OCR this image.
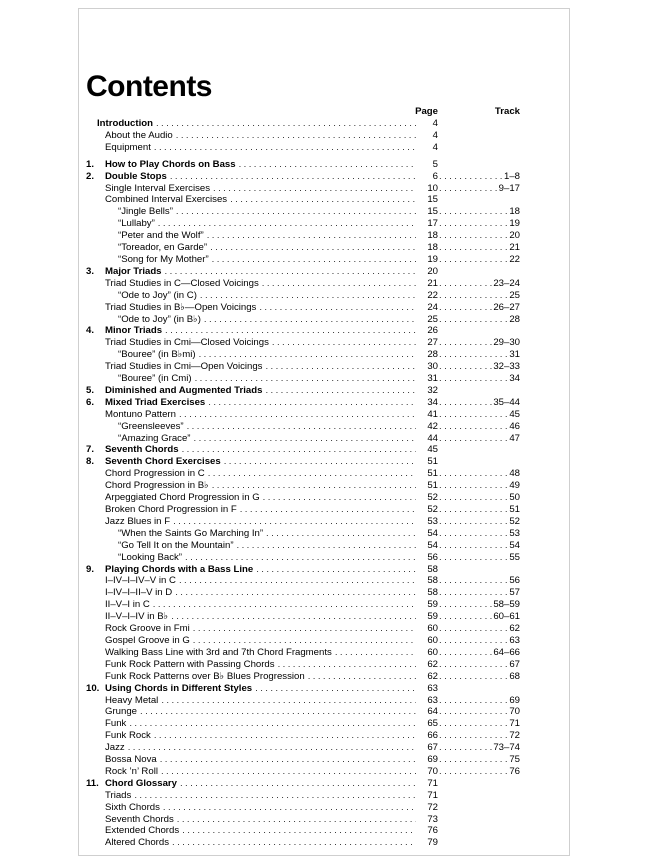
Contents
Page	Track
Introduction .....	4
About the Audio .....	4
Equipment .....	4
1.	How to Play Chords on Bass .....	5
2.	Double Stops .....	6 .....	1–8
Single Interval Exercises .....	10 .....	9–17
Combined Interval Exercises .....	15
“Jingle Bells” .....	15 .....	18
“Lullaby” .....	17 .....	19
“Peter and the Wolf” .....	18 .....	20
“Toreador, en Garde” .....	18 .....	21
“Song for My Mother” .....	19 .....	22
3.	Major Triads .....	20
Triad Studies in C—Closed Voicings .....	21 .....	23–24
“Ode to Joy” (in C) .....	22 .....	25
Triad Studies in B♭—Open Voicings .....	24 .....	26–27
“Ode to Joy” (in B♭) .....	25 .....	28
4.	Minor Triads .....	26
Triad Studies in Cmi—Closed Voicings .....	27 .....	29–30
“Bouree” (in B♭mi) .....	28 .....	31
Triad Studies in Cmi—Open Voicings .....	30 .....	32–33
“Bouree” (in Cmi) .....	31 .....	34
5.	Diminished and Augmented Triads .....	32
6.	Mixed Triad Exercises .....	34 .....	35–44
Montuno Pattern .....	41 .....	45
“Greensleeves” .....	42 .....	46
“Amazing Grace” .....	44 .....	47
7.	Seventh Chords .....	45
8.	Seventh Chord Exercises .....	51
Chord Progression in C .....	51 .....	48
Chord Progression in B♭ .....	51 .....	49
Arpeggiated Chord Progression in G .....	52 .....	50
Broken Chord Progression in F .....	52 .....	51
Jazz Blues in F .....	53 .....	52
“When the Saints Go Marching In” .....	54 .....	53
“Go Tell It on the Mountain” .....	54 .....	54
“Looking Back” .....	56 .....	55
9.	Playing Chords with a Bass Line .....	58
I–IV–I–IV–V in C .....	58 .....	56
I–IV–I–II–V in D .....	58 .....	57
II–V–I in C .....	59 .....	58–59
II–V–I–IV in B♭ .....	59 .....	60–61
Rock Groove in Fmi .....	60 .....	62
Gospel Groove in G .....	60 .....	63
Walking Bass Line with 3rd and 7th Chord Fragments .....	60 .....	64–66
Funk Rock Pattern with Passing Chords .....	62 .....	67
Funk Rock Patterns over B♭ Blues Progression .....	62 .....	68
10. Using Chords in Different Styles .....	63
Heavy Metal .....	63 .....	69
Grunge .....	64 .....	70
Funk .....	65 .....	71
Funk Rock .....	66 .....	72
Jazz .....	67 .....	73–74
Bossa Nova .....	69 .....	75
Rock ’n’ Roll .....	70 .....	76
11. Chord Glossary .....	71
Triads .....	71
Sixth Chords .....	72
Seventh Chords .....	73
Extended Chords .....	76
Altered Chords .....	79
